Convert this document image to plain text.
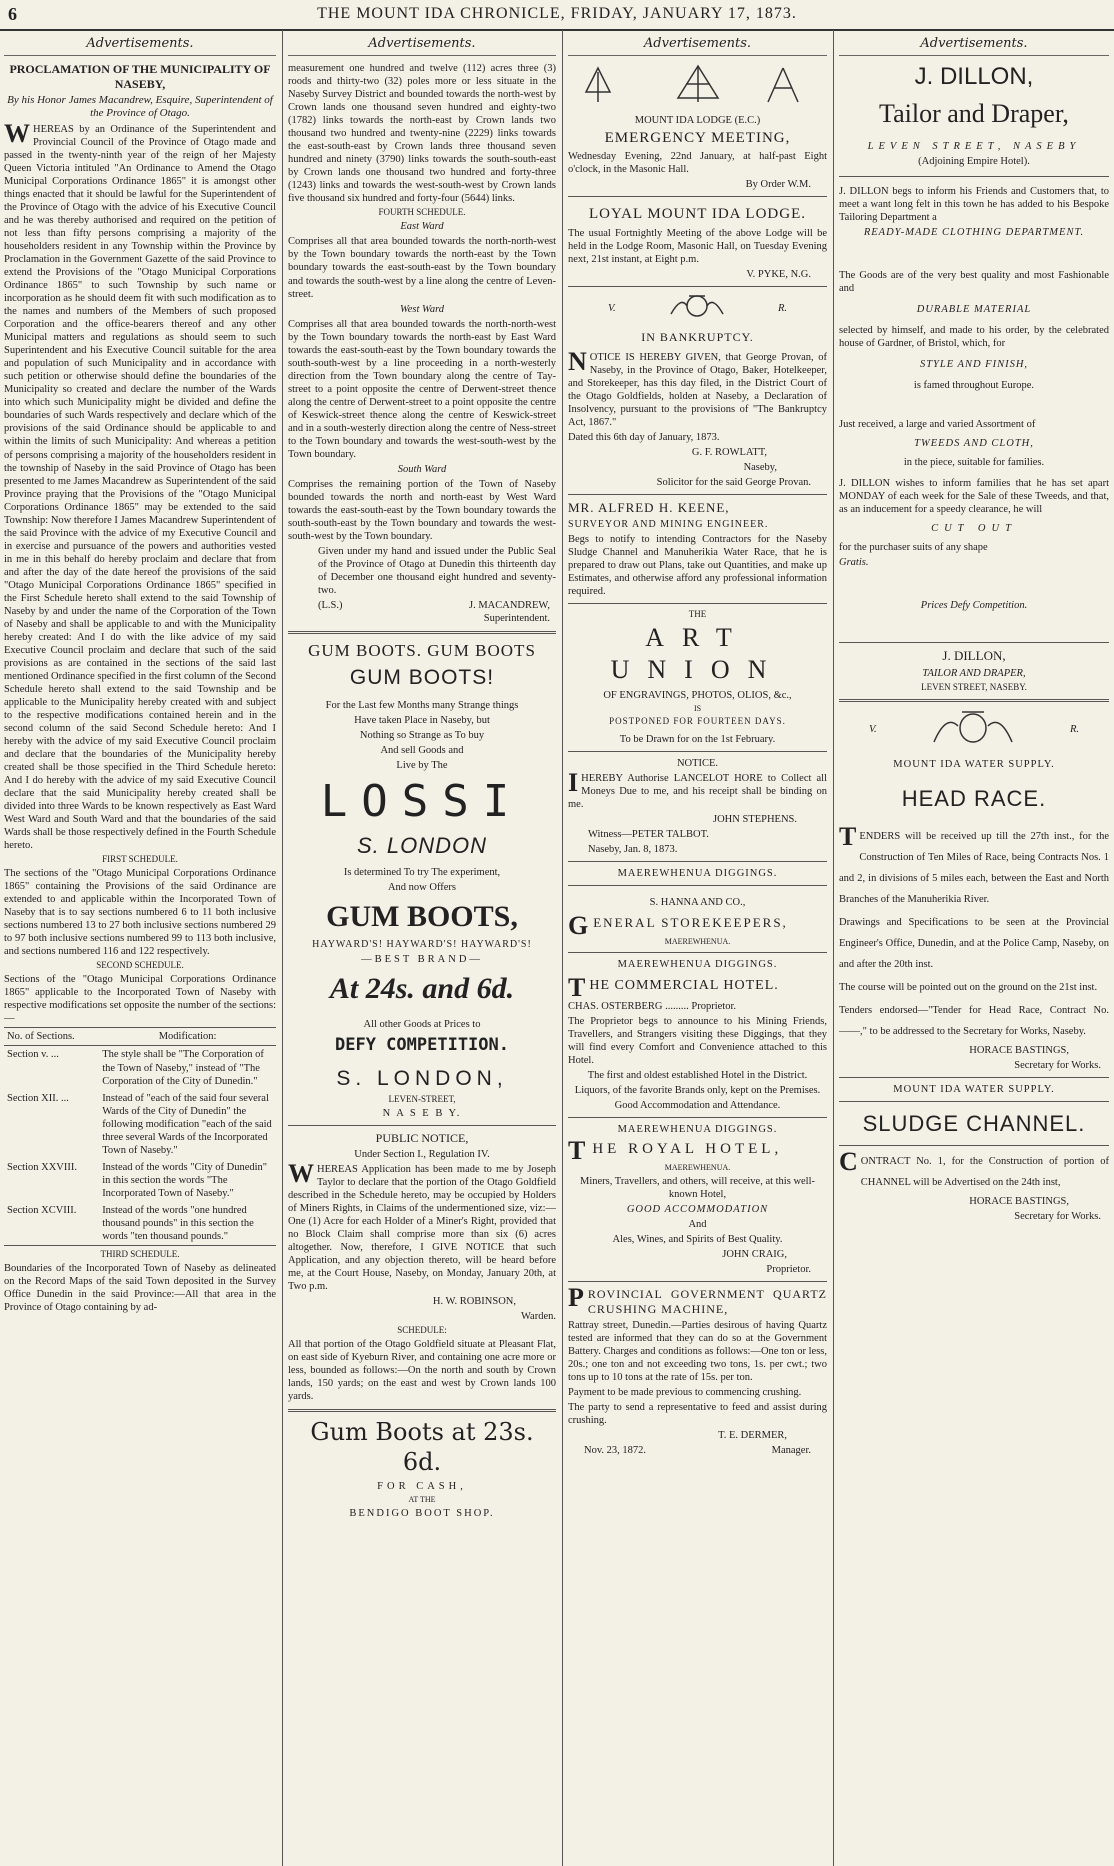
6	THE MOUNT IDA CHRONICLE, FRIDAY, JANUARY 17, 1873.
Advertisements.

PROCLAMATION OF THE MUNICIPALITY OF NASEBY,

By his Honor James Macandrew, Esquire, Superintendent of the Province of Otago.

WHEREAS by an Ordinance of the Superintendent and Provincial Council of the Province of Otago made and passed in the twenty-ninth year of the reign of her Majesty Queen Victoria intituled "An Ordinance to Amend the Otago Municipal Corporations Ordinance 1865" it is amongst other things enacted that it should be lawful for the Superintendent of the Province of Otago with the advice of his Executive Council and he was thereby authorised and required on the petition of not less than fifty persons comprising a majority of the householders resident in any Township within the Province by Proclamation in the Government Gazette of the said Province to extend the Provisions of the "Otago Municipal Corporations Ordinance 1865" to such Township by such name or incorporation as he should deem fit with such modification as to the names and numbers of the Members of such proposed Corporation and the office-bearers thereof and any other Municipal matters and regulations as should seem to such Superintendent and his Executive Council suitable for the area and population of such Municipality and in accordance with such petition or otherwise should define the boundaries of the Municipality so created and declare the number of the Wards into which such Municipality might be divided and define the boundaries of such Wards respectively and declare which of the provisions of the said Ordinance should be applicable to and within the limits of such Municipality: And whereas a petition of persons comprising a majority of the householders resident in the township of Naseby in the said Province of Otago has been presented to me James Macandrew as Superintendent of the said Province praying that the Provisions of the "Otago Municipal Corporations Ordinance 1865" may be extended to the said Township: Now therefore I James Macandrew Superintendent of the said Province with the advice of my Executive Council and in exercise and pursuance of the powers and authorities vested in me in this behalf do hereby proclaim and declare that from and after the day of the date hereof the provisions of the said "Otago Municipal Corporations Ordinance 1865" specified in the First Schedule hereto shall extend to the said Township of Naseby by and under the name of the Corporation of the Town of Naseby and shall be applicable to and with the Municipality hereby created: And I do with the like advice of my said Executive Council proclaim and declare that such of the said provisions as are contained in the sections of the said last mentioned Ordinance specified in the first column of the Second Schedule hereto shall extend to the said Township and be applicable to the Municipality hereby created with and subject to the respective modifications contained herein and in the second column of the said Second Schedule hereto: And I hereby with the advice of my said Executive Council proclaim and declare that the boundaries of the Municipality hereby created shall be those specified in the Third Schedule hereto: And I do hereby with the advice of my said Executive Council declare that the said Municipality hereby created shall be divided into three Wards to be known respectively as East Ward West Ward and South Ward and that the boundaries of the said Wards shall be those respectively defined in the Fourth Schedule hereto.

FIRST SCHEDULE.

The sections of the "Otago Municipal Corporations Ordinance 1865" containing the Provisions of the said Ordinance are extended to and applicable within the Incorporated Town of Naseby that is to say sections numbered 6 to 11 both inclusive sections numbered 13 to 27 both inclusive sections numbered 29 to 97 both inclusive sections numbered 99 to 113 both inclusive, and sections numbered 116 and 122 respectively.

SECOND SCHEDULE.

Sections of the "Otago Municipal Corporations Ordinance 1865" applicable to the Incorporated Town of Naseby with respective modifications set opposite the number of the sections:—

No. of Sections.	Modification:
Section v. ...	The style shall be "The Corporation of the Town of Naseby," instead of "The Corporation of the City of Dunedin."
Section XII. ...	Instead of "each of the said four several Wards of the City of Dunedin" the following modification "each of the said three several Wards of the Incorporated Town of Naseby."
Section XXVIII.	Instead of the words "City of Dunedin" in this section the words "The Incorporated Town of Naseby."
Section XCVIII.	Instead of the words "one hundred thousand pounds" in this section the words "ten thousand pounds."

THIRD SCHEDULE.

Boundaries of the Incorporated Town of Naseby as delineated on the Record Maps of the said Town deposited in the Survey Office Dunedin in the said Province:—All that area in the Province of Otago containing by ad-

Advertisements.

measurement one hundred and twelve (112) acres three (3) roods and thirty-two (32) poles more or less situate in the Naseby Survey District and bounded towards the north-west by Crown lands one thousand seven hundred and eighty-two (1782) links towards the north-east by Crown lands two thousand two hundred and twenty-nine (2229) links towards the east-south-east by Crown lands three thousand seven hundred and ninety (3790) links towards the south-south-east by Crown lands one thousand two hundred and forty-three (1243) links and towards the west-south-west by Crown lands five thousand six hundred and forty-four (5644) links.

FOURTH SCHEDULE.

East Ward

Comprises all that area bounded towards the north-north-west by the Town boundary towards the north-east by the Town boundary towards the east-south-east by the Town boundary and towards the south-west by a line along the centre of Leven-street.

West Ward

Comprises all that area bounded towards the north-north-west by the Town boundary towards the north-east by East Ward towards the east-south-east by the Town boundary towards the south-south-west by a line proceeding in a north-westerly direction from the Town boundary along the centre of Tay-street to a point opposite the centre of Derwent-street thence along the centre of Derwent-street to a point opposite the centre of Keswick-street thence along the centre of Keswick-street and in a south-westerly direction along the centre of Ness-street to the Town boundary and towards the west-south-west by the Town boundary.

South Ward

Comprises the remaining portion of the Town of Naseby bounded towards the north and north-east by West Ward towards the east-south-east by the Town boundary towards the south-south-east by the Town boundary and towards the west-south-west by the Town boundary.

Given under my hand and issued under the Public Seal of the Province of Otago at Dunedin this thirteenth day of December one thousand eight hundred and seventy-two.

(L.S.)	J. MACANDREW,

Superintendent.

GUM BOOTS. GUM BOOTS

GUM BOOTS!

For the Last few Months many Strange things

Have taken Place in Naseby, but

Nothing so Strange as To buy

And sell Goods and

Live by The

LOSSI

S. LONDON

Is determined To try The experiment,

And now Offers

GUM BOOTS,

HAYWARD'S! HAYWARD'S! HAYWARD'S!

—BEST BRAND—

At 24s. and 6d.

All other Goods at Prices to

DEFY COMPETITION.

S. LONDON,

LEVEN-STREET,

N A S E B Y.

PUBLIC NOTICE,

Under Section I., Regulation IV.

WHEREAS Application has been made to me by Joseph Taylor to declare that the portion of the Otago Goldfield described in the Schedule hereto, may be occupied by Holders of Miners Rights, in Claims of the undermentioned size, viz:—One (1) Acre for each Holder of a Miner's Right, provided that no Block Claim shall comprise more than six (6) acres altogether. Now, therefore, I GIVE NOTICE that such Application, and any objection thereto, will be heard before me, at the Court House, Naseby, on Monday, January 20th, at Two p.m.

H. W. ROBINSON,

Warden.

SCHEDULE:

All that portion of the Otago Goldfield situate at Pleasant Flat, on east side of Kyeburn River, and containing one acre more or less, bounded as follows:—On the north and south by Crown lands, 150 yards; on the east and west by Crown lands 100 yards.

Gum Boots at 23s. 6d.

FOR CASH,

AT THE

BENDIGO BOOT SHOP.

Advertisements.

MOUNT IDA LODGE (E.C.)

EMERGENCY MEETING,

Wednesday Evening, 22nd January, at half-past Eight o'clock, in the Masonic Hall.

By Order W.M.

LOYAL MOUNT IDA LODGE.

The usual Fortnightly Meeting of the above Lodge will be held in the Lodge Room, Masonic Hall, on Tuesday Evening next, 21st instant, at Eight p.m.

V. PYKE, N.G.

V.	R.

IN BANKRUPTCY.

NOTICE IS HEREBY GIVEN, that George Provan, of Naseby, in the Province of Otago, Baker, Hotelkeeper, and Storekeeper, has this day filed, in the District Court of the Otago Goldfields, holden at Naseby, a Declaration of Insolvency, pursuant to the provisions of "The Bankruptcy Act, 1867."

Dated this 6th day of January, 1873.

G. F. ROWLATT,

Naseby,

Solicitor for the said George Provan.

MR. ALFRED H. KEENE,

SURVEYOR AND MINING ENGINEER.

Begs to notify to intending Contractors for the Naseby Sludge Channel and Manuherikia Water Race, that he is prepared to draw out Plans, take out Quantities, and make up Estimates, and otherwise afford any professional information required.

THE

ART UNION

OF ENGRAVINGS, PHOTOS, OLIOS, &c.,

IS

POSTPONED FOR FOURTEEN DAYS.

To be Drawn for on the 1st February.

NOTICE.

IHEREBY Authorise LANCELOT HORE to Collect all Moneys Due to me, and his receipt shall be binding on me.

JOHN STEPHENS.

Witness—PETER TALBOT.

Naseby, Jan. 8, 1873.

MAEREWHENUA DIGGINGS.

S. HANNA AND CO.,

GENERAL STOREKEEPERS,

MAEREWHENUA.

MAEREWHENUA DIGGINGS.

THE COMMERCIAL HOTEL.

CHAS. OSTERBERG ......... Proprietor.

The Proprietor begs to announce to his Mining Friends, Travellers, and Strangers visiting these Diggings, that they will find every Comfort and Convenience attached to this Hotel.

The first and oldest established Hotel in the District.

Liquors, of the favorite Brands only, kept on the Premises.

Good Accommodation and Attendance.

MAEREWHENUA DIGGINGS.

THE ROYAL HOTEL,

MAEREWHENUA.

Miners, Travellers, and others, will receive, at this well-known Hotel,

GOOD ACCOMMODATION

And

Ales, Wines, and Spirits of Best Quality.

JOHN CRAIG,

Proprietor.

PROVINCIAL GOVERNMENT QUARTZ CRUSHING MACHINE,

Rattray street, Dunedin.—Parties desirous of having Quartz tested are informed that they can do so at the Government Battery. Charges and conditions as follows:—One ton or less, 20s.; one ton and not exceeding two tons, 1s. per cwt.; two tons up to 10 tons at the rate of 15s. per ton.

Payment to be made previous to commencing crushing.

The party to send a representative to feed and assist during crushing.

T. E. DERMER,

Nov. 23, 1872.	Manager.
Advertisements.

J. DILLON,

Tailor and Draper,

LEVEN STREET, NASEBY

(Adjoining Empire Hotel).

J. DILLON begs to inform his Friends and Customers that, to meet a want long felt in this town he has added to his Bespoke Tailoring Department a

READY-MADE CLOTHING DEPARTMENT.

The Goods are of the very best quality and most Fashionable and

DURABLE MATERIAL

selected by himself, and made to his order, by the celebrated house of Gardner, of Bristol, which, for

STYLE AND FINISH,

is famed throughout Europe.

Just received, a large and varied Assortment of

TWEEDS AND CLOTH,

in the piece, suitable for families.

J. DILLON wishes to inform families that he has set apart MONDAY of each week for the Sale of these Tweeds, and that, as an inducement for a speedy clearance, he will

CUT OUT

for the purchaser suits of any shape

Gratis.

Prices Defy Competition.

J. DILLON,

TAILOR AND DRAPER,

LEVEN STREET, NASEBY.

V.	R.

MOUNT IDA WATER SUPPLY.

HEAD RACE.

TENDERS will be received up till the 27th inst., for the Construction of Ten Miles of Race, being Contracts Nos. 1 and 2, in divisions of 5 miles each, between the East and North Branches of the Manuherikia River.

Drawings and Specifications to be seen at the Provincial Engineer's Office, Dunedin, and at the Police Camp, Naseby, on and after the 20th inst.

The course will be pointed out on the ground on the 21st inst.

Tenders endorsed—"Tender for Head Race, Contract No. ——," to be addressed to the Secretary for Works, Naseby.

HORACE BASTINGS,

Secretary for Works.

MOUNT IDA WATER SUPPLY.

SLUDGE CHANNEL.

CONTRACT No. 1, for the Construction of portion of CHANNEL will be Advertised on the 24th inst,

HORACE BASTINGS,

Secretary for Works.
